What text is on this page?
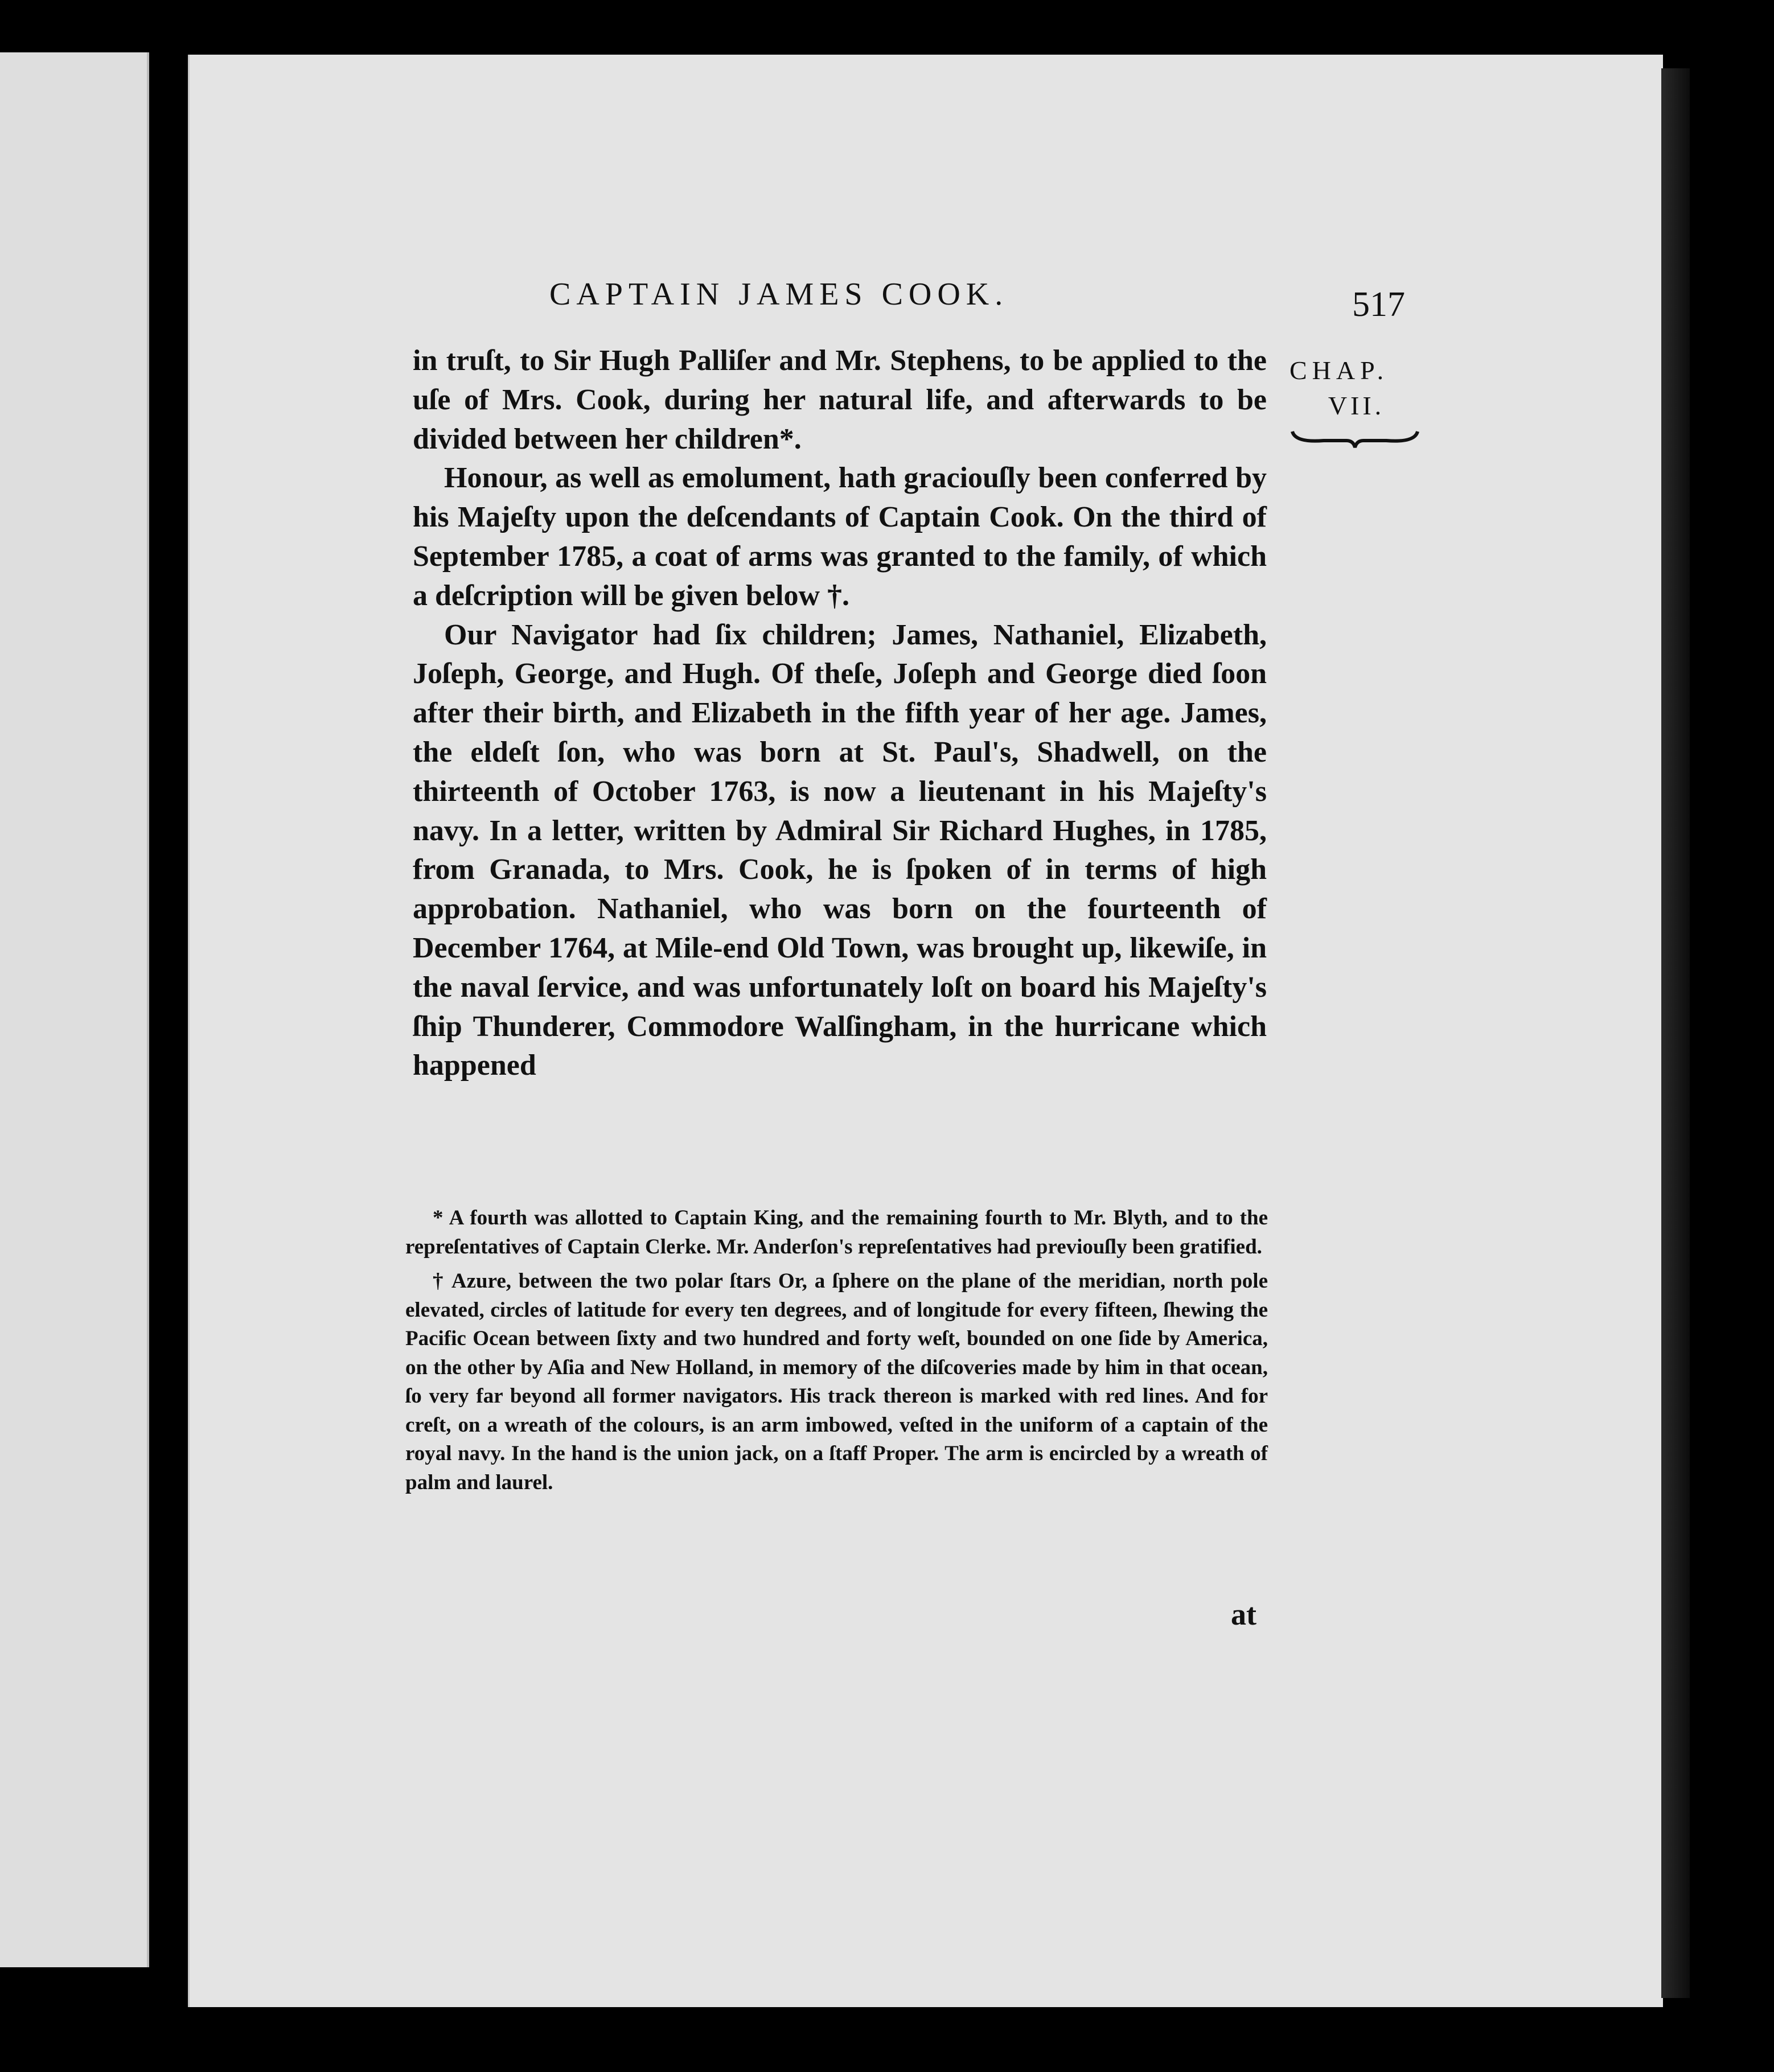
CAPTAIN JAMES COOK.	517
CHAP.
VII.

in truſt, to Sir Hugh Palliſer and Mr. Stephens, to be applied to the uſe of Mrs. Cook, during her natural life, and afterwards to be divided between her children*.

Honour, as well as emolument, hath graciouſly been conferred by his Majeſty upon the deſcendants of Captain Cook. On the third of September 1785, a coat of arms was granted to the family, of which a deſcription will be given below †.

Our Navigator had ſix children; James, Nathaniel, Elizabeth, Joſeph, George, and Hugh. Of theſe, Joſeph and George died ſoon after their birth, and Elizabeth in the fifth year of her age. James, the eldeſt ſon, who was born at St. Paul's, Shadwell, on the thirteenth of October 1763, is now a lieutenant in his Majeſty's navy. In a letter, written by Admiral Sir Richard Hughes, in 1785, from Granada, to Mrs. Cook, he is ſpoken of in terms of high approbation. Nathaniel, who was born on the fourteenth of December 1764, at Mile-end Old Town, was brought up, likewiſe, in the naval ſervice, and was unfortunately loſt on board his Majeſty's ſhip Thunderer, Commodore Walſingham, in the hurricane which happened

* A fourth was allotted to Captain King, and the remaining fourth to Mr. Blyth, and to the repreſentatives of Captain Clerke. Mr. Anderſon's repreſentatives had previouſly been gratified.

† Azure, between the two polar ſtars Or, a ſphere on the plane of the meridian, north pole elevated, circles of latitude for every ten degrees, and of longitude for every fifteen, ſhewing the Pacific Ocean between ſixty and two hundred and forty weſt, bounded on one ſide by America, on the other by Aſia and New Holland, in memory of the diſcoveries made by him in that ocean, ſo very far beyond all former navigators. His track thereon is marked with red lines. And for creſt, on a wreath of the colours, is an arm imbowed, veſted in the uniform of a captain of the royal navy. In the hand is the union jack, on a ſtaff Proper. The arm is encircled by a wreath of palm and laurel.

at
